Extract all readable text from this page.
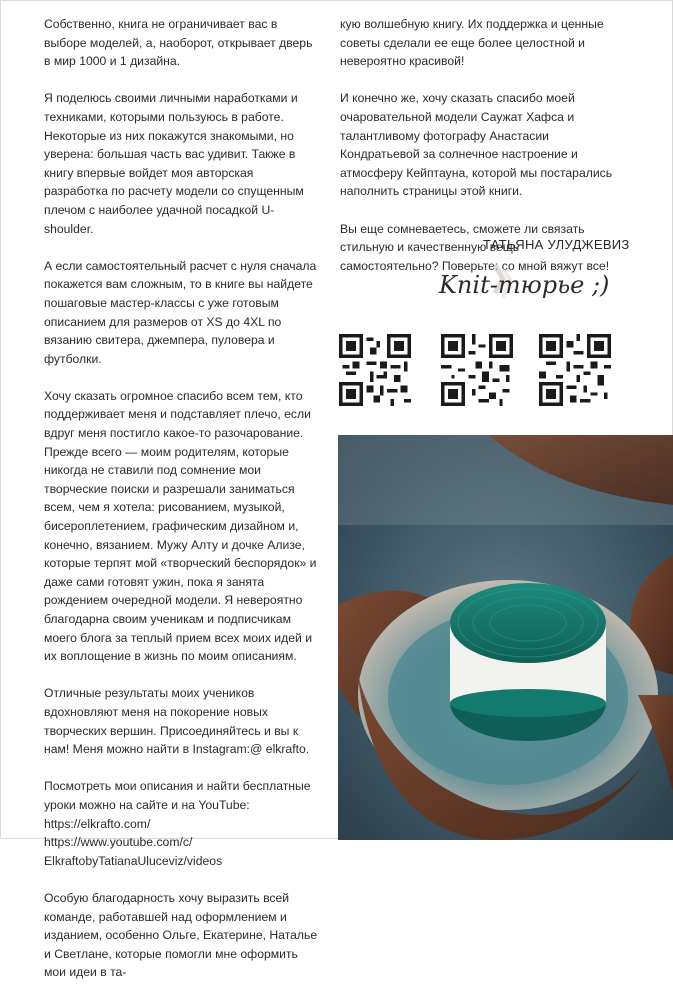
Собственно, книга не ограничивает вас в выборе моделей, а, наоборот, открывает дверь в мир 1000 и 1 дизайна.

Я поделюсь своими личными наработками и техниками, которыми пользуюсь в работе. Некоторые из них покажутся знакомыми, но уверена: большая часть вас удивит. Также в книгу впервые войдет моя авторская разработка по расчету модели со спущенным плечом с наиболее удачной посадкой U-shoulder.

А если самостоятельный расчет с нуля сначала покажется вам сложным, то в книге вы найдете пошаговые мастер-классы с уже готовым описанием для размеров от XS до 4XL по вязанию свитера, джемпера, пуловера и футболки.

Хочу сказать огромное спасибо всем тем, кто поддерживает меня и подставляет плечо, если вдруг меня постигло какое-то разочарование. Прежде всего — моим родителям, которые никогда не ставили под сомнение мои творческие поиски и разрешали заниматься всем, чем я хотела: рисованием, музыкой, бисероплетением, графическим дизайном и, конечно, вязанием. Мужу Алту и дочке Ализе, которые терпят мой «творческий беспорядок» и даже сами готовят ужин, пока я занята рождением очередной модели. Я невероятно благодарна своим ученикам и подписчикам моего блога за теплый прием всех моих идей и их воплощение в жизнь по моим описаниям.

Отличные результаты моих учеников вдохновляют меня на покорение новых творческих вершин. Присоединяйтесь и вы к нам! Меня можно найти в Instagram:@ elkrafto.

Посмотреть мои описания и найти бесплатные уроки можно на сайте и на YouTube:
https://elkrafto.com/
https://www.youtube.com/c/
ElkraftobyTatianaUluceviz/videos

Особую благодарность хочу выразить всей команде, работавшей над оформлением и изданием, особенно Ольге, Екатерине, Наталье и Светлане, которые помогли мне оформить мои идеи в та-

кую волшебную книгу. Их поддержка и ценные советы сделали ее еще более целостной и невероятно красивой!

И конечно же, хочу сказать спасибо моей очаровательной модели Саужат Хафса и талантливому фотографу Анастасии Кондратьевой за солнечное настроение и атмосферу Кейптауна, которой мы постарались наполнить страницы этой книги.

Вы еще сомневаетесь, сможете ли связать стильную и качественную вещь самостоятельно? Поверьте: со мной вяжут все!

ТАТЬЯНА УЛУДЖЕВИЗ
Knit-тюрье ;)
